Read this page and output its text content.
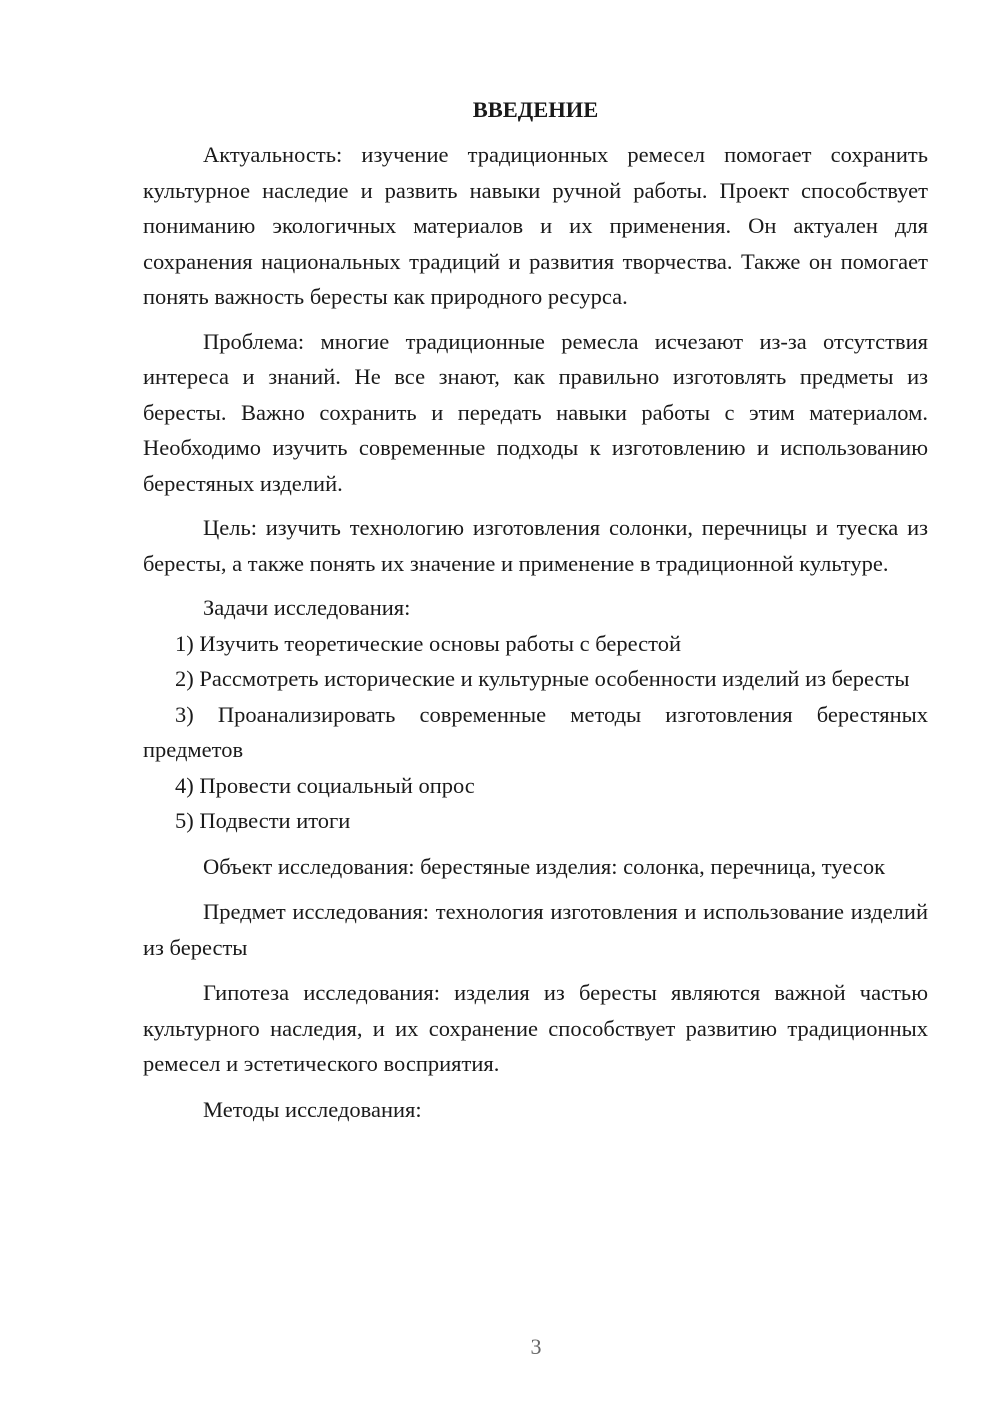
ВВЕДЕНИЕ

Актуальность: изучение традиционных ремесел помогает сохранить культурное наследие и развить навыки ручной работы. Проект способствует пониманию экологичных материалов и их применения. Он актуален для сохранения национальных традиций и развития творчества. Также он помогает понять важность бересты как природного ресурса.

Проблема: многие традиционные ремесла исчезают из-за отсутствия интереса и знаний. Не все знают, как правильно изготовлять предметы из бересты. Важно сохранить и передать навыки работы с этим материалом. Необходимо изучить современные подходы к изготовлению и использованию берестяных изделий.

Цель: изучить технологию изготовления солонки, перечницы и туеска из бересты, а также понять их значение и применение в традиционной культуре.

Задачи исследования:

1) Изучить теоретические основы работы с берестой

2) Рассмотреть исторические и культурные особенности изделий из бересты

3) Проанализировать современные методы изготовления берестяных предметов

4) Провести социальный опрос

5) Подвести итоги

Объект исследования: берестяные изделия: солонка, перечница, туесок

Предмет исследования: технология изготовления и использование изделий из бересты

Гипотеза исследования: изделия из бересты являются важной частью культурного наследия, и их сохранение способствует развитию традиционных ремесел и эстетического восприятия.

Методы исследования:

3
